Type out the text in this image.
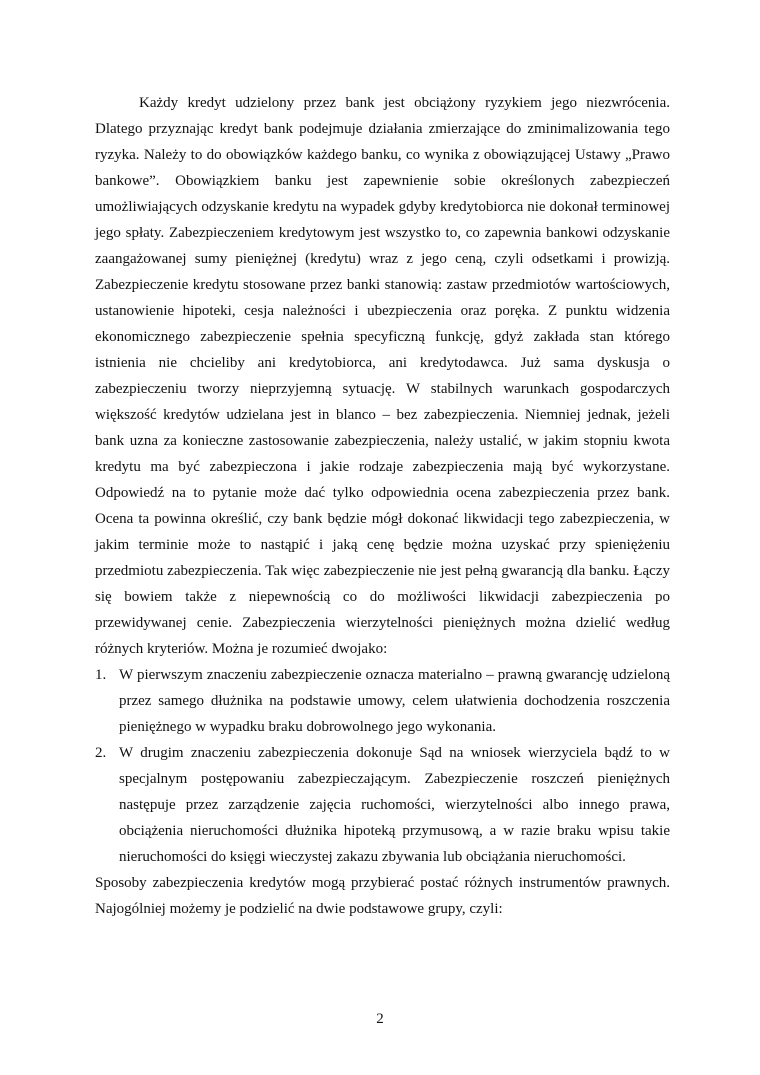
Każdy kredyt udzielony przez bank jest obciążony ryzykiem jego niezwrócenia. Dlatego przyznając kredyt bank podejmuje działania zmierzające do zminimalizowania tego ryzyka. Należy to do obowiązków każdego banku, co wynika z obowiązującej Ustawy „Prawo bankowe”. Obowiązkiem banku jest zapewnienie sobie określonych zabezpieczeń umożliwiających odzyskanie kredytu na wypadek gdyby kredytobiorca nie dokonał terminowej jego spłaty. Zabezpieczeniem kredytowym jest wszystko to, co zapewnia bankowi odzyskanie zaangażowanej sumy pieniężnej (kredytu) wraz z jego ceną, czyli odsetkami i prowizją. Zabezpieczenie kredytu stosowane przez banki stanowią: zastaw przedmiotów wartościowych, ustanowienie hipoteki, cesja należności i ubezpieczenia oraz poręka. Z punktu widzenia ekonomicznego zabezpieczenie spełnia specyficzną funkcję, gdyż zakłada stan którego istnienia nie chcieliby ani kredytobiorca, ani kredytodawca. Już sama dyskusja o zabezpieczeniu tworzy nieprzyjemną sytuację. W stabilnych warunkach gospodarczych większość kredytów udzielana jest in blanco – bez zabezpieczenia. Niemniej jednak, jeżeli bank uzna za konieczne zastosowanie zabezpieczenia, należy ustalić, w jakim stopniu kwota kredytu ma być zabezpieczona i jakie rodzaje zabezpieczenia mają być wykorzystane. Odpowiedź na to pytanie może dać tylko odpowiednia ocena zabezpieczenia przez bank. Ocena ta powinna określić, czy bank będzie mógł dokonać likwidacji tego zabezpieczenia, w jakim terminie może to nastąpić i jaką cenę będzie można uzyskać przy spieniężeniu przedmiotu zabezpieczenia. Tak więc zabezpieczenie nie jest pełną gwarancją dla banku. Łączy się bowiem także z niepewnością co do możliwości likwidacji zabezpieczenia po przewidywanej cenie. Zabezpieczenia wierzytelności pieniężnych można dzielić według różnych kryteriów. Można je rozumieć dwojako:

1. W pierwszym znaczeniu zabezpieczenie oznacza materialno – prawną gwarancję udzieloną przez samego dłużnika na podstawie umowy, celem ułatwienia dochodzenia roszczenia pieniężnego w wypadku braku dobrowolnego jego wykonania.
2. W drugim znaczeniu zabezpieczenia dokonuje Sąd na wniosek wierzyciela bądź to w specjalnym postępowaniu zabezpieczającym. Zabezpieczenie roszczeń pieniężnych następuje przez zarządzenie zajęcia ruchomości, wierzytelności albo innego prawa, obciążenia nieruchomości dłużnika hipoteką przymusową, a w razie braku wpisu takie nieruchomości do księgi wieczystej zakazu zbywania lub obciążania nieruchomości.

Sposoby zabezpieczenia kredytów mogą przybierać postać różnych instrumentów prawnych. Najogólniej możemy je podzielić na dwie podstawowe grupy, czyli:

2
